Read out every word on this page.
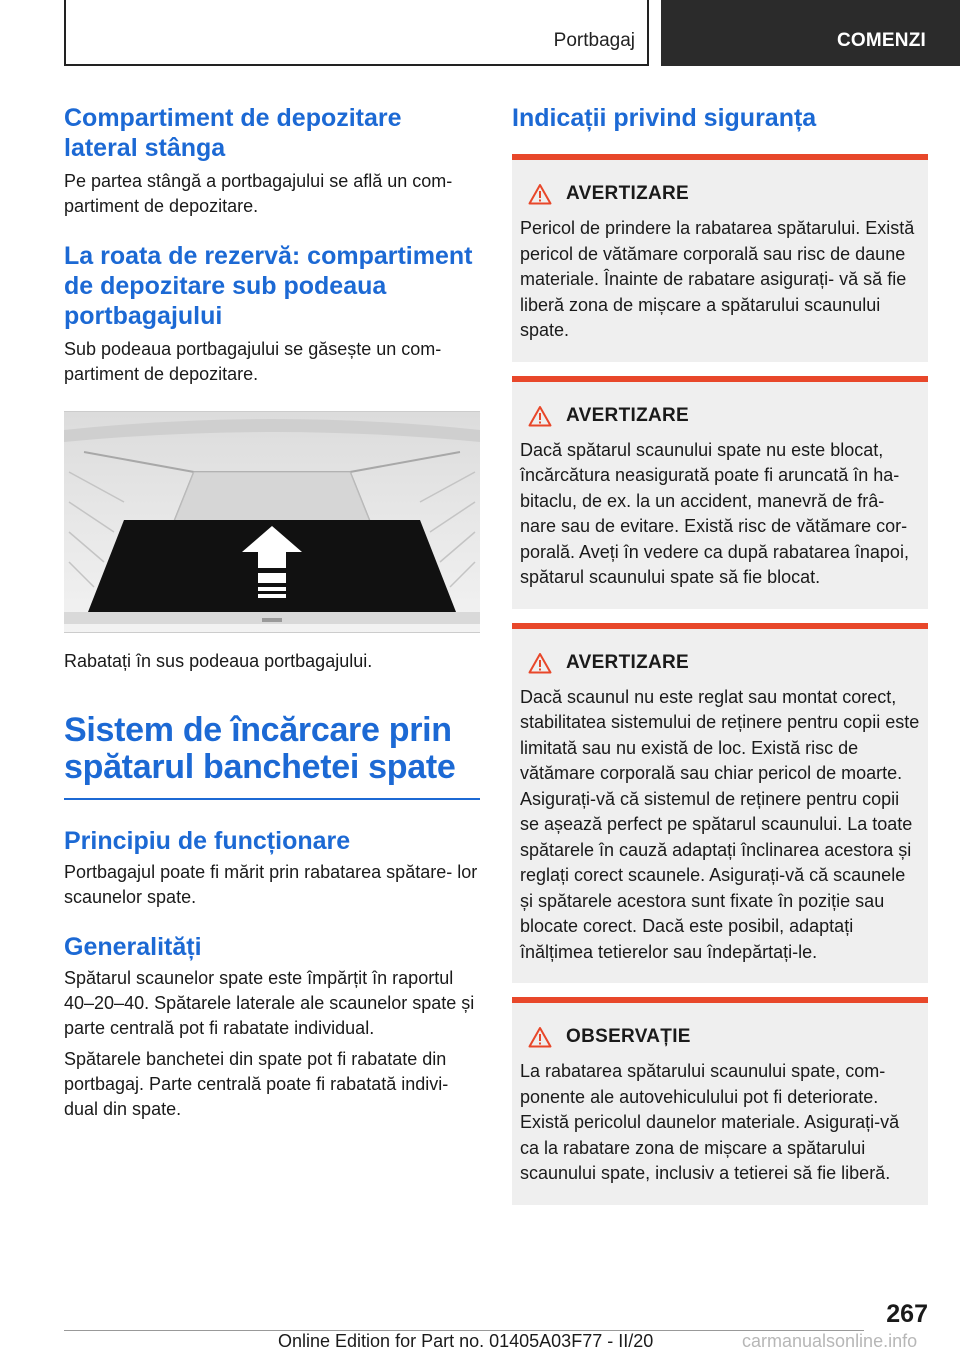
Portbagaj	COMENZI
Compartiment de depozitare lateral stânga

Pe partea stângă a portbagajului se află un com- partiment de depozitare.

La roata de rezervă: compartiment de depozitare sub podeaua portbagajului

Sub podeaua portbagajului se găsește un com- partiment de depozitare.

Rabatați în sus podeaua portbagajului.

Sistem de încărcare prin spătarul banchetei spate
Principiu de funcționare

Portbagajul poate fi mărit prin rabatarea spătare- lor scaunelor spate.

Generalități

Spătarul scaunelor spate este împărțit în raportul 40–20–40. Spătarele laterale ale scaunelor spate și parte centrală pot fi rabatate individual.

Spătarele banchetei din spate pot fi rabatate din portbagaj. Parte centrală poate fi rabatată indivi- dual din spate.

Indicații privind siguranța
AVERTIZARE

Pericol de prindere la rabatarea spătarului. Există pericol de vătămare corporală sau risc de daune materiale. Înainte de rabatare asigurați- vă să fie liberă zona de mișcare a spătarului scaunului spate.

AVERTIZARE

Dacă spătarul scaunului spate nu este blocat, încărcătura neasigurată poate fi aruncată în ha- bitaclu, de ex. la un accident, manevră de frâ- nare sau de evitare. Există risc de vătămare cor- porală. Aveți în vedere ca după rabatarea înapoi, spătarul scaunului spate să fie blocat.

AVERTIZARE

Dacă scaunul nu este reglat sau montat corect, stabilitatea sistemului de reținere pentru copii este limitată sau nu există de loc. Există risc de vătămare corporală sau chiar pericol de moarte. Asigurați-vă că sistemul de reținere pentru copii se așează perfect pe spătarul scaunului. La toate spătarele în cauză adaptați înclinarea acestora și reglați corect scaunele. Asigurați-vă că scaunele și spătarele acestora sunt fixate în poziție sau blocate corect. Dacă este posibil, adaptați înălțimea tetierelor sau îndepărtați-le.

OBSERVAȚIE

La rabatarea spătarului scaunului spate, com- ponente ale autovehiculului pot fi deteriorate. Există pericolul daunelor materiale. Asigurați-vă ca la rabatare zona de mișcare a spătarului scaunului spate, inclusiv a tetierei să fie liberă.

267
Online Edition for Part no. 01405A03F77 - II/20	carmanualsonline.info
